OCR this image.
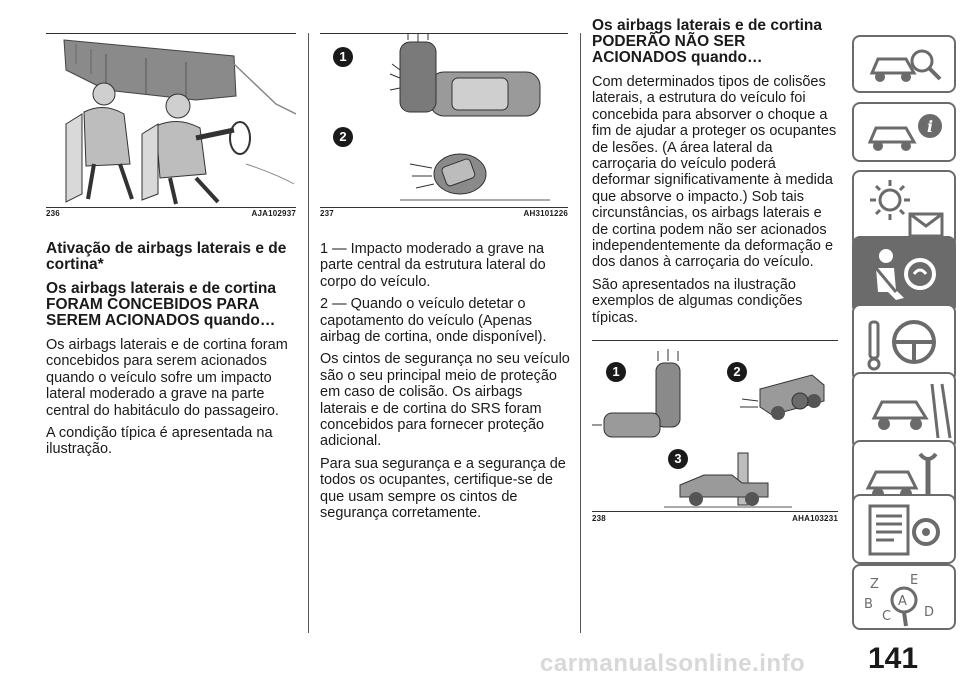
236	AJA102937
Ativação de airbags laterais e de cortina*
Os airbags laterais e de cortina FORAM CONCEBIDOS PARA SEREM ACIONADOS quando…

Os airbags laterais e de cortina foram concebidos para serem acionados quando o veículo sofre um impacto lateral moderado a grave na parte central do habitáculo do passageiro.

A condição típica é apresentada na ilustração.

1
2
237	AH3101226

1 — Impacto moderado a grave na parte central da estrutura lateral do corpo do veículo.

2 — Quando o veículo detetar o capotamento do veículo (Apenas airbag de cortina, onde disponível).

Os cintos de segurança no seu veículo são o seu principal meio de proteção em caso de colisão. Os airbags laterais e de cortina do SRS foram concebidos para fornecer proteção adicional.

Para sua segurança e a segurança de todos os ocupantes, certifique-se de que usam sempre os cintos de segurança corretamente.

Os airbags laterais e de cortina PODERÃO NÃO SER ACIONADOS quando…

Com determinados tipos de colisões laterais, a estrutura do veículo foi concebida para absorver o choque a fim de ajudar a proteger os ocupantes de lesões. (A área lateral da carroçaria do veículo poderá deformar significativamente à medida que absorve o impacto.) Sob tais circunstâncias, os airbags laterais e de cortina podem não ser acionados independentemente da deformação e dos danos à carroçaria do veículo.

São apresentados na ilustração exemplos de algumas condições típicas.

1	2
3
238	AHA103231
i
Z E
B
C	D
A
141
carmanualsonline.info
